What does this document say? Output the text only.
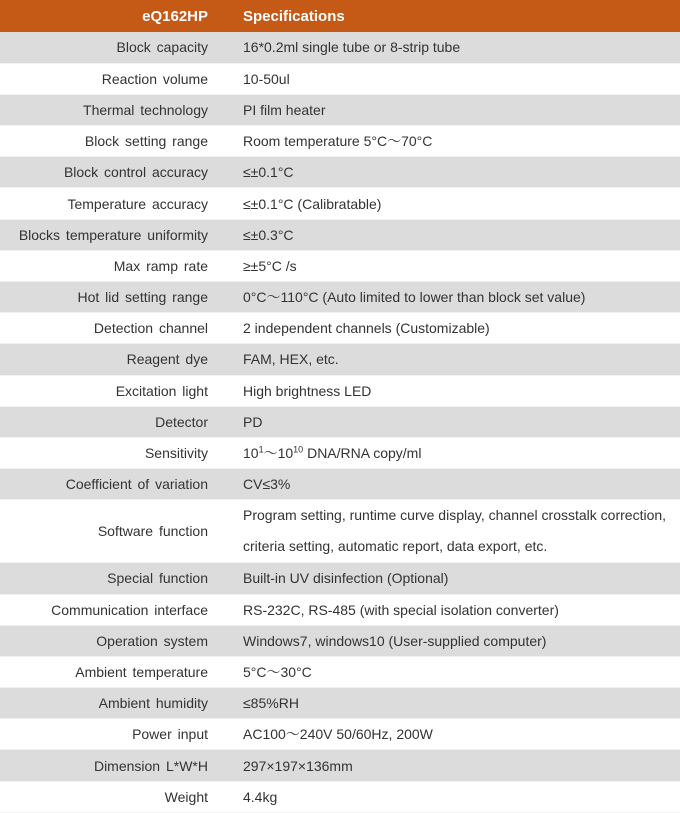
eQ162HP	Specifications
Block capacity	16*0.2ml single tube or 8-strip tube
Reaction volume	10-50ul
Thermal technology	PI film heater
Block setting range	Room temperature 5°C～70°C
Block control accuracy	≤±0.1°C
Temperature accuracy	≤±0.1°C (Calibratable)
Blocks temperature uniformity	≤±0.3°C
Max ramp rate	≥±5°C /s
Hot lid setting range	0°C～110°C (Auto limited to lower than block set value)
Detection channel	2 independent channels (Customizable)
Reagent dye	FAM, HEX, etc.
Excitation light	High brightness LED
Detector	PD
Sensitivity	$10^1\sim 10^{10}$ DNA/RNA copy/ml
Coefficient of variation	CV≤3%
Software function	Program setting, runtime curve display, channel crosstalk correction,
criteria setting, automatic report, data export, etc.

Special function	Built-in UV disinfection (Optional)
Communication interface	RS-232C, RS-485 (with special isolation converter)
Operation system	Windows7, windows10 (User-supplied computer)
Ambient temperature	5°C～30°C
Ambient humidity	≤85%RH
Power input	AC100～240V 50/60Hz, 200W
Dimension L*W*H	297×197×136mm
Weight	4.4kg
